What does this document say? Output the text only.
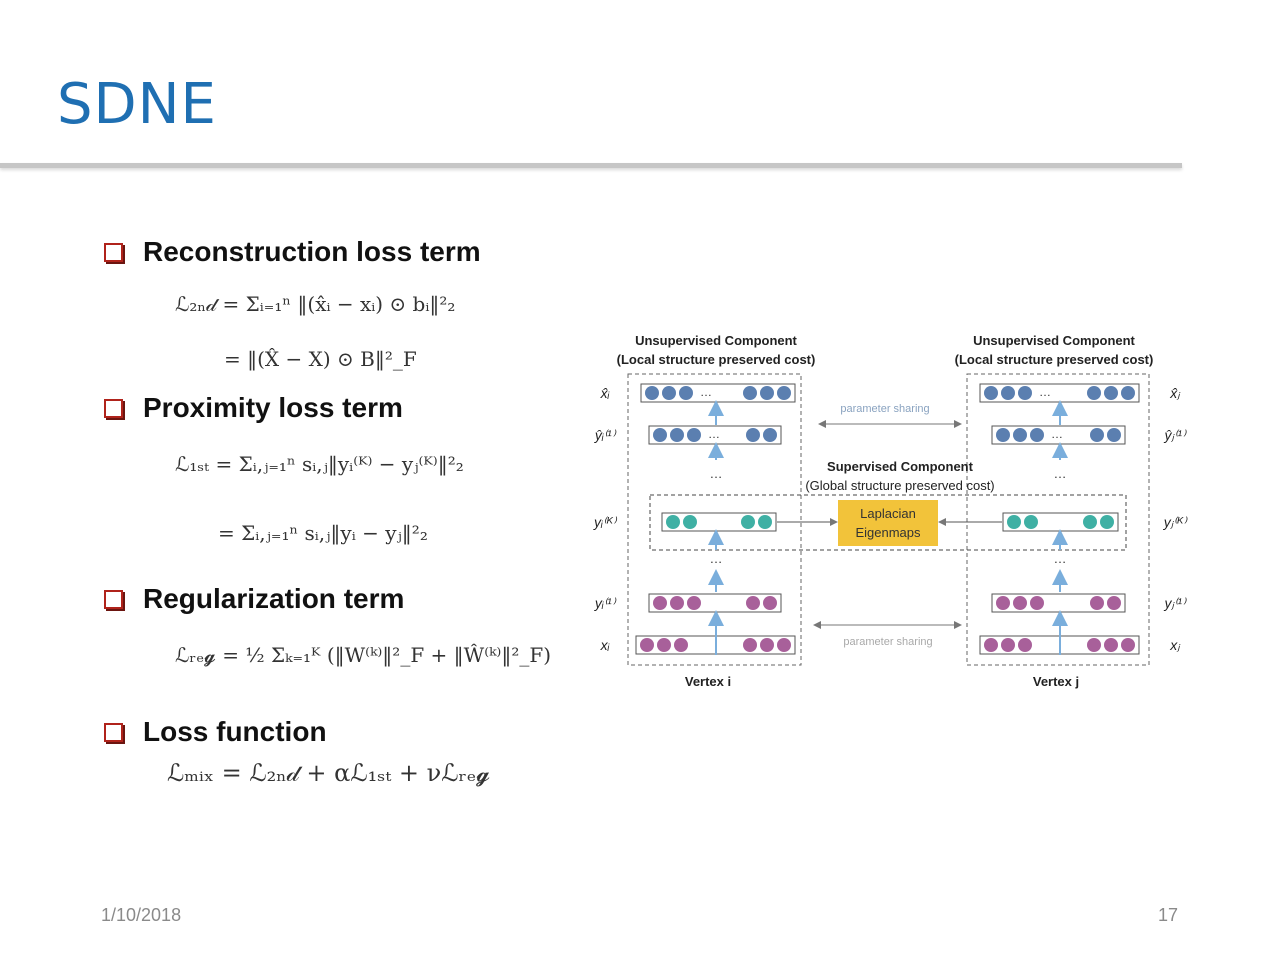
SDNE
Reconstruction loss term
Proximity loss term
Regularization term
Loss function
ℒ₂ₙ𝒹 = Σᵢ₌₁ⁿ ‖(x̂ᵢ − xᵢ) ⊙ bᵢ‖²₂
= ‖(X̂ − X) ⊙ B‖²_F
ℒ₁ₛₜ = Σᵢ,ⱼ₌₁ⁿ sᵢ,ⱼ‖yᵢ⁽ᴷ⁾ − yⱼ⁽ᴷ⁾‖²₂
= Σᵢ,ⱼ₌₁ⁿ sᵢ,ⱼ‖yᵢ − yⱼ‖²₂
ℒᵣₑ𝓰 = ½ Σₖ₌₁ᴷ (‖W⁽ᵏ⁾‖²_F + ‖Ŵ⁽ᵏ⁾‖²_F)
ℒₘᵢₓ = ℒ₂ₙ𝒹 + αℒ₁ₛₜ + νℒᵣₑ𝓰
Unsupervised Component
(Local structure preserved cost)
Unsupervised Component
(Local structure preserved cost)
Supervised Component
(Global structure preserved cost)
Laplacian
Eigenmaps
parameter sharing
parameter sharing
…	…
…	…
…
…
…
…
x̂ᵢ
ŷᵢ⁽¹⁾
yᵢ⁽ᴷ⁾
yᵢ⁽¹⁾
xᵢ
x̂ⱼ
ŷⱼ⁽¹⁾
yⱼ⁽ᴷ⁾
yⱼ⁽¹⁾
xⱼ
Vertex i	Vertex j
1/10/2018	17
